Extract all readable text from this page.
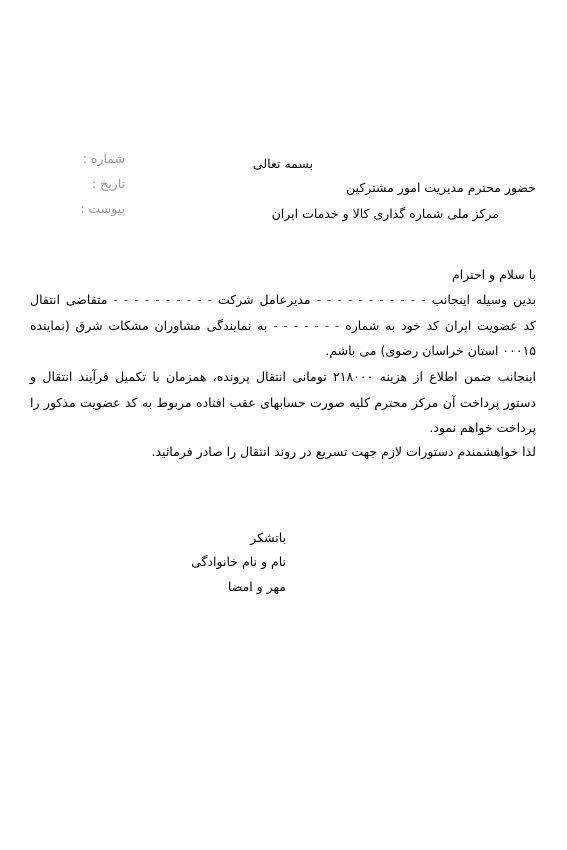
شماره :
تاریخ :
پیوست :
بسمه تعالی
حضور محترم مدیریت امور مشترکین
مرکز ملی شماره گذاری کالا و خدمات ایران
با سلام و احترام
بدین وسیله اینجانب - - - - - - - - - - - مدیرعامل شرکت - - - - - - - - - - متقاضی انتقال
کد عضویت ایران کد خود به شماره - - - - - - - به نمایندگی مشاوران مشکات شرق (نماینده
۰۰۰۱۵ استان خراسان رضوی) می باشم.
اینجانب ضمن اطلاع از هزینه ۲۱۸۰۰۰ تومانی انتقال پرونده، همزمان با تکمیل فرآیند انتقال و
دستور پرداخت آن مرکز محترم کلیه صورت حسابهای عقب افتاده مربوط به کد عضویت مذکور را
پرداخت خواهم نمود.
لذا خواهشمندم دستورات لازم جهت تسریع در روند انتقال را صادر فرمائید.
باتشکر
نام و نام خانوادگی
مهر و امضا
